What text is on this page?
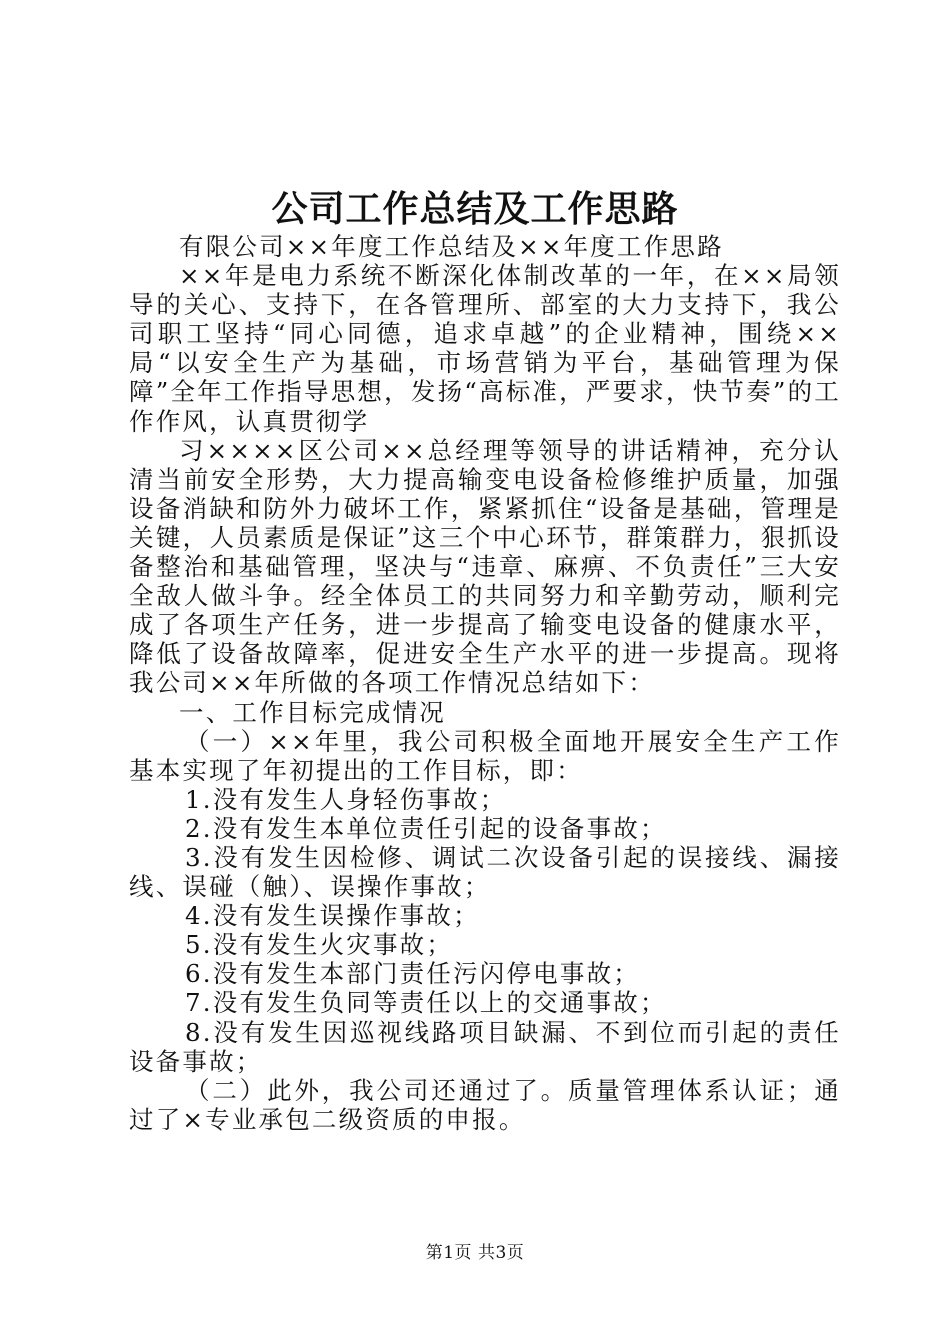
公司工作总结及工作思路

有限公司××年度工作总结及××年度工作思路

××年是电力系统不断深化体制改革的一年，在××局领导的关心、支持下，在各管理所、部室的大力支持下，我公司职工坚持“同心同德，追求卓越”的企业精神，围绕××局“以安全生产为基础，市场营销为平台，基础管理为保障”全年工作指导思想，发扬“高标准，严要求，快节奏”的工作作风，认真贯彻学

习××××区公司××总经理等领导的讲话精神，充分认清当前安全形势，大力提高输变电设备检修维护质量，加强设备消缺和防外力破坏工作，紧紧抓住“设备是基础，管理是关键，人员素质是保证”这三个中心环节，群策群力，狠抓设备整治和基础管理，坚决与“违章、麻痹、不负责任”三大安全敌人做斗争。经全体员工的共同努力和辛勤劳动，顺利完成了各项生产任务，进一步提高了输变电设备的健康水平，降低了设备故障率，促进安全生产水平的进一步提高。现将我公司××年所做的各项工作情况总结如下：

一、工作目标完成情况

（一）××年里，我公司积极全面地开展安全生产工作基本实现了年初提出的工作目标，即：

1.没有发生人身轻伤事故；

2.没有发生本单位责任引起的设备事故；

3.没有发生因检修、调试二次设备引起的误接线、漏接线、误碰（触）、误操作事故；

4.没有发生误操作事故；

5.没有发生火灾事故；

6.没有发生本部门责任污闪停电事故；

7.没有发生负同等责任以上的交通事故；

8.没有发生因巡视线路项目缺漏、不到位而引起的责任设备事故；

（二）此外，我公司还通过了。质量管理体系认证；通过了×专业承包二级资质的申报。

第1页 共3页
